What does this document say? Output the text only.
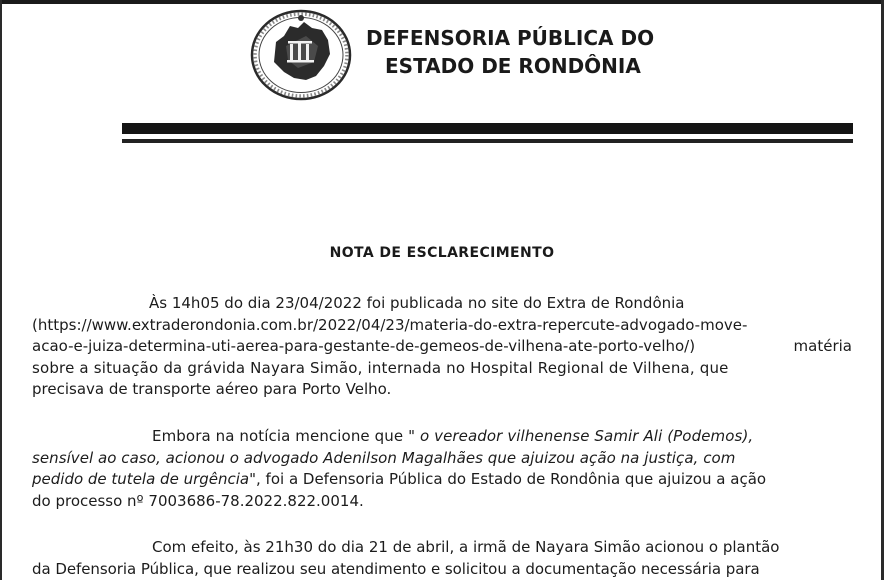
DEFENSORIA PÚBLICA DO
ESTADO DE RONDÔNIA
NOTA DE ESCLARECIMENTO
Às 14h05 do dia 23/04/2022 foi publicada no site do Extra de Rondônia
(https://www.extraderondonia.com.br/2022/04/23/materia-do-extra-repercute-advogado-move-
acao-e-juiza-determina-uti-aerea-para-gestante-de-gemeos-de-vilhena-ate-porto-velho/)	matéria
sobre a situação da grávida Nayara Simão, internada no Hospital Regional de Vilhena, que
precisava de transporte aéreo para Porto Velho.
Embora na notícia mencione que " o vereador vilhenense Samir Ali (Podemos),
sensível ao caso, acionou o advogado Adenilson Magalhães que ajuizou ação na justiça, com
pedido de tutela de urgência", foi a Defensoria Pública do Estado de Rondônia que ajuizou a ação
do processo nº 7003686-78.2022.822.0014.
Com efeito, às 21h30 do dia 21 de abril, a irmã de Nayara Simão acionou o plantão
da Defensoria Pública, que realizou seu atendimento e solicitou a documentação necessária para
